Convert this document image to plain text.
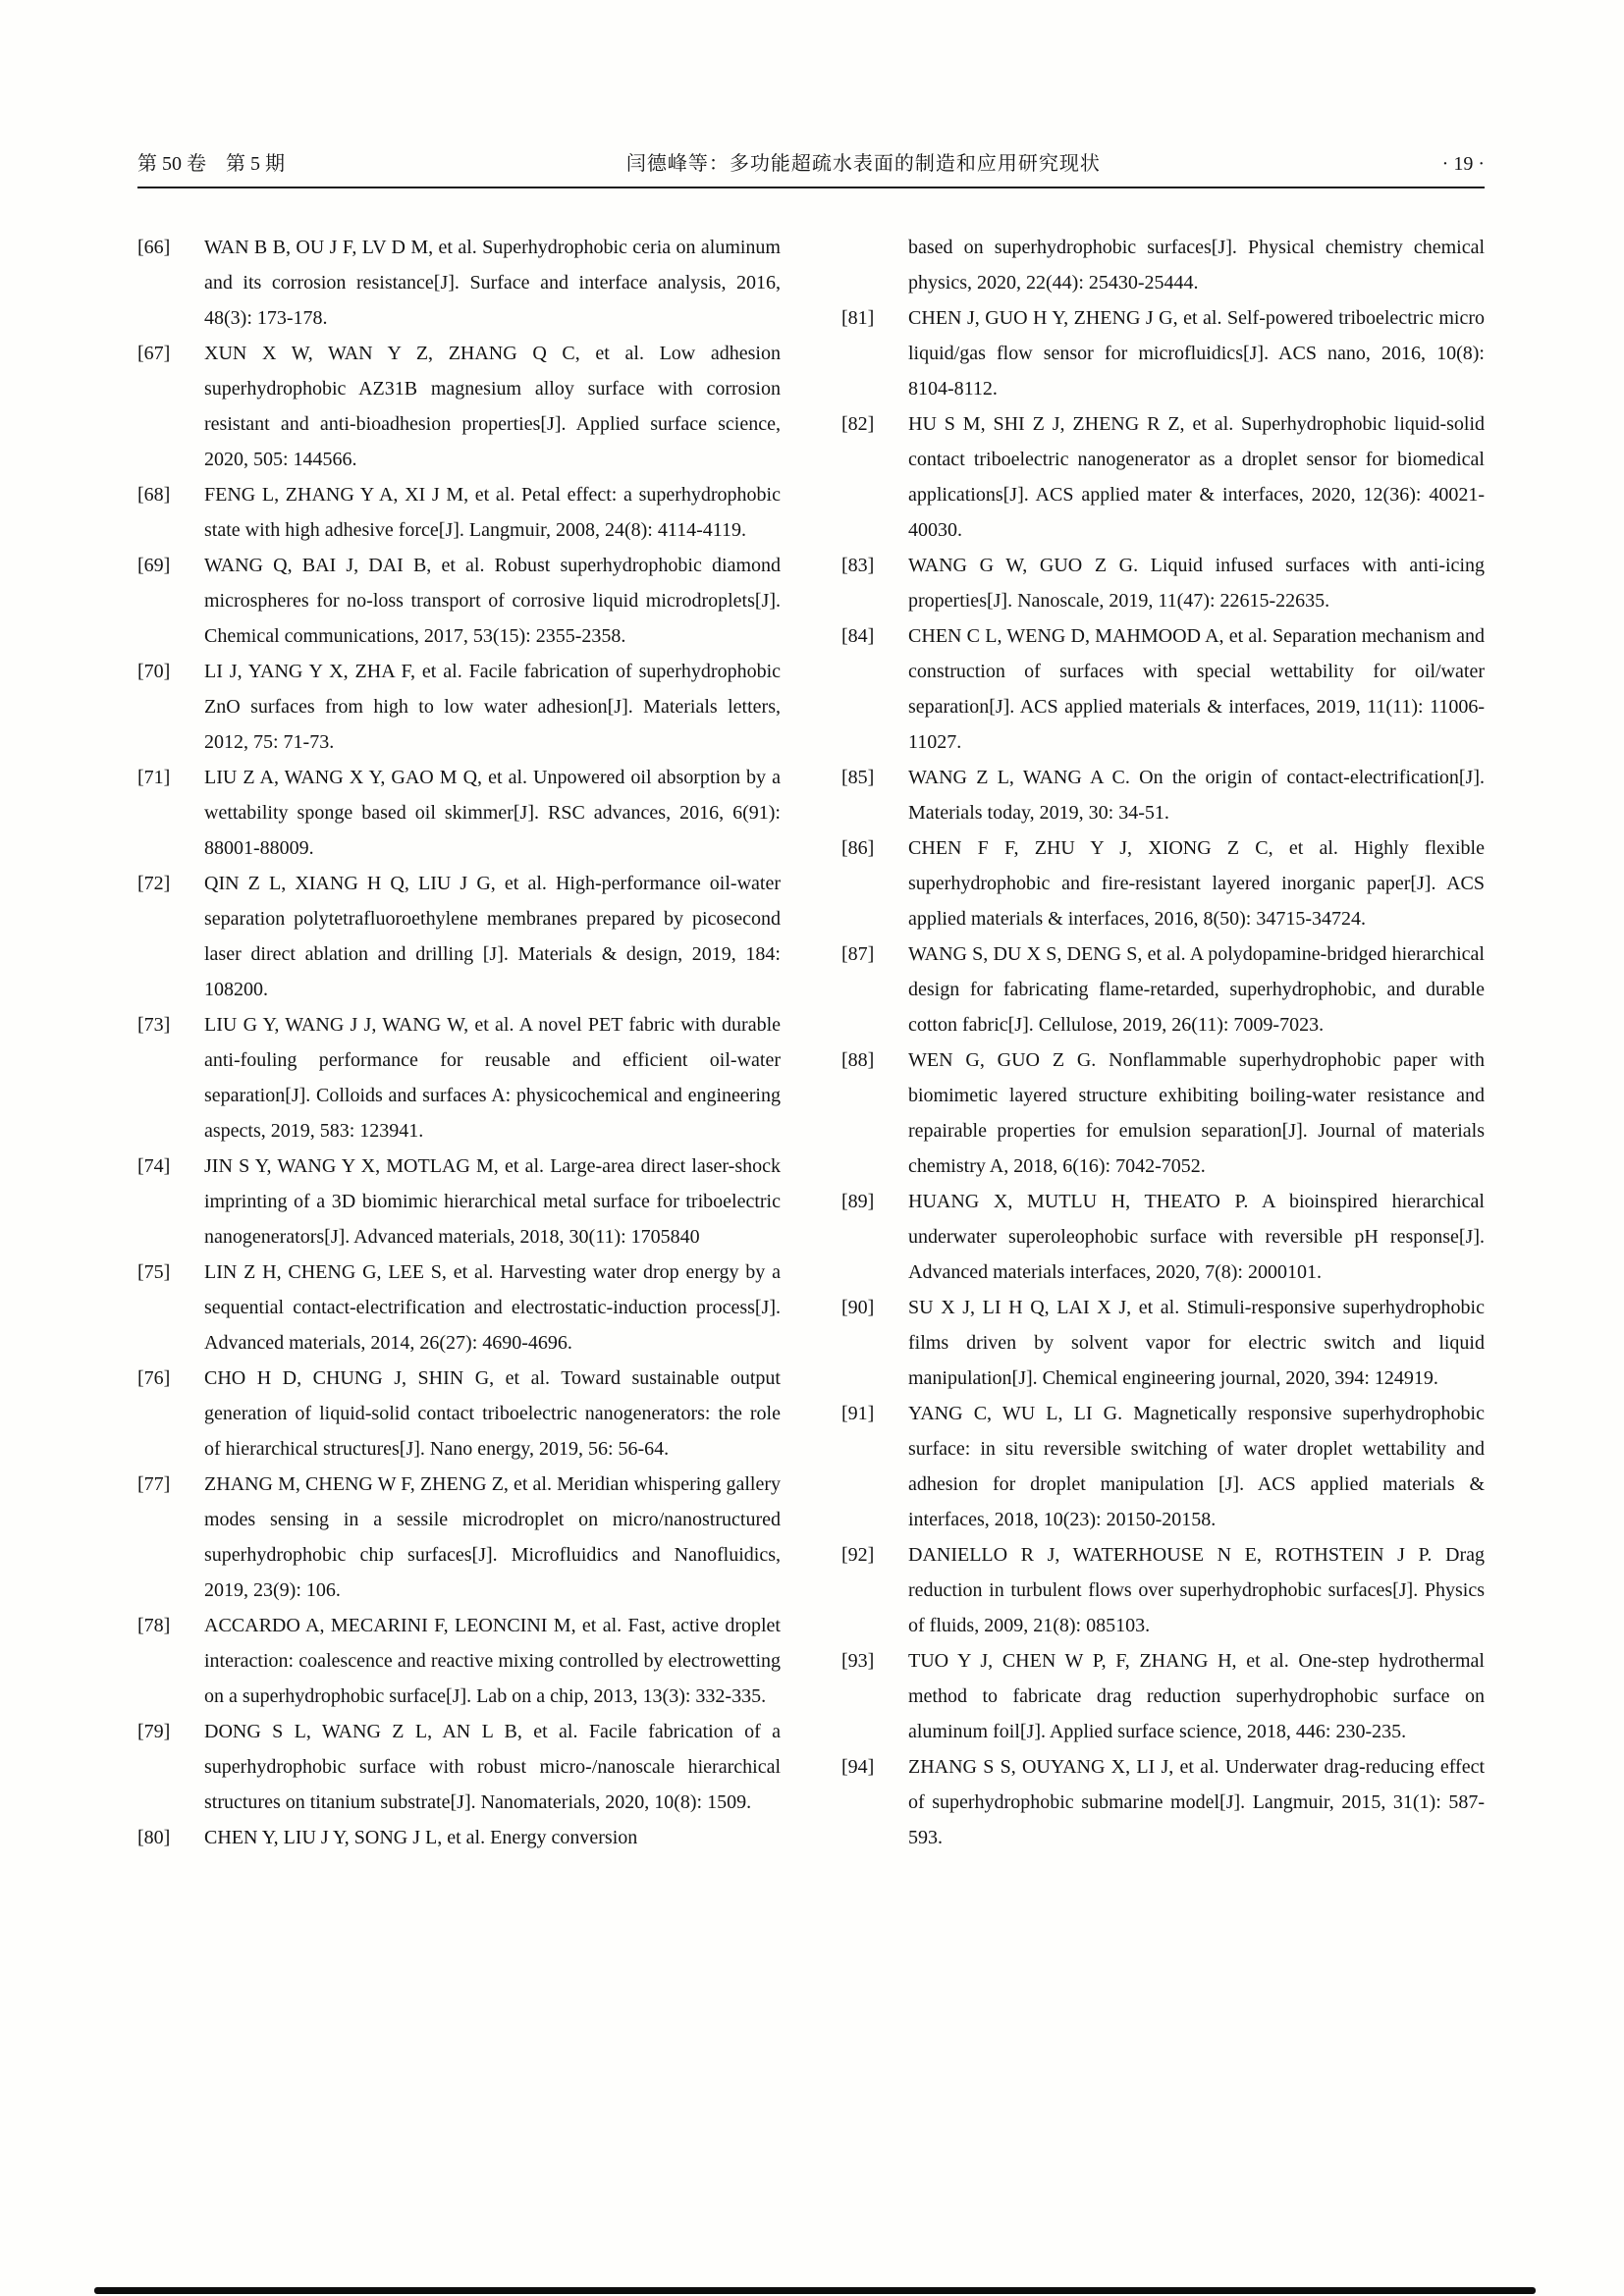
第 50 卷　第 5 期	闫德峰等：多功能超疏水表面的制造和应用研究现状	· 19 ·
[66]	WAN B B, OU J F, LV D M, et al. Superhydrophobic ceria on aluminum and its corrosion resistance[J]. Surface and interface analysis, 2016, 48(3): 173-178.
[67]	XUN X W, WAN Y Z, ZHANG Q C, et al. Low adhesion superhydrophobic AZ31B magnesium alloy surface with corrosion resistant and anti-bioadhesion properties[J]. Applied surface science, 2020, 505: 144566.
[68]	FENG L, ZHANG Y A, XI J M, et al. Petal effect: a superhydrophobic state with high adhesive force[J]. Langmuir, 2008, 24(8): 4114-4119.
[69]	WANG Q, BAI J, DAI B, et al. Robust superhydrophobic diamond microspheres for no-loss transport of corrosive liquid microdroplets[J]. Chemical communications, 2017, 53(15): 2355-2358.
[70]	LI J, YANG Y X, ZHA F, et al. Facile fabrication of superhydrophobic ZnO surfaces from high to low water adhesion[J]. Materials letters, 2012, 75: 71-73.
[71]	LIU Z A, WANG X Y, GAO M Q, et al. Unpowered oil absorption by a wettability sponge based oil skimmer[J]. RSC advances, 2016, 6(91): 88001-88009.
[72]	QIN Z L, XIANG H Q, LIU J G, et al. High-performance oil-water separation polytetrafluoroethylene membranes prepared by picosecond laser direct ablation and drilling [J]. Materials & design, 2019, 184: 108200.
[73]	LIU G Y, WANG J J, WANG W, et al. A novel PET fabric with durable anti-fouling performance for reusable and efficient oil-water separation[J]. Colloids and surfaces A: physicochemical and engineering aspects, 2019, 583: 123941.
[74]	JIN S Y, WANG Y X, MOTLAG M, et al. Large-area direct laser-shock imprinting of a 3D biomimic hierarchical metal surface for triboelectric nanogenerators[J]. Advanced materials, 2018, 30(11): 1705840
[75]	LIN Z H, CHENG G, LEE S, et al. Harvesting water drop energy by a sequential contact-electrification and electrostatic-induction process[J]. Advanced materials, 2014, 26(27): 4690-4696.
[76]	CHO H D, CHUNG J, SHIN G, et al. Toward sustainable output generation of liquid-solid contact triboelectric nanogenerators: the role of hierarchical structures[J]. Nano energy, 2019, 56: 56-64.
[77]	ZHANG M, CHENG W F, ZHENG Z, et al. Meridian whispering gallery modes sensing in a sessile microdroplet on micro/nanostructured superhydrophobic chip surfaces[J]. Microfluidics and Nanofluidics, 2019, 23(9): 106.
[78]	ACCARDO A, MECARINI F, LEONCINI M, et al. Fast, active droplet interaction: coalescence and reactive mixing controlled by electrowetting on a superhydrophobic surface[J]. Lab on a chip, 2013, 13(3): 332-335.
[79]	DONG S L, WANG Z L, AN L B, et al. Facile fabrication of a superhydrophobic surface with robust micro-/nanoscale hierarchical structures on titanium substrate[J]. Nanomaterials, 2020, 10(8): 1509.
[80]	CHEN Y, LIU J Y, SONG J L, et al. Energy conversion
based on superhydrophobic surfaces[J]. Physical chemistry chemical physics, 2020, 22(44): 25430-25444.
[81]	CHEN J, GUO H Y, ZHENG J G, et al. Self-powered triboelectric micro liquid/gas flow sensor for microfluidics[J]. ACS nano, 2016, 10(8): 8104-8112.
[82]	HU S M, SHI Z J, ZHENG R Z, et al. Superhydrophobic liquid-solid contact triboelectric nanogenerator as a droplet sensor for biomedical applications[J]. ACS applied mater & interfaces, 2020, 12(36): 40021-40030.
[83]	WANG G W, GUO Z G. Liquid infused surfaces with anti-icing properties[J]. Nanoscale, 2019, 11(47): 22615-22635.
[84]	CHEN C L, WENG D, MAHMOOD A, et al. Separation mechanism and construction of surfaces with special wettability for oil/water separation[J]. ACS applied materials & interfaces, 2019, 11(11): 11006-11027.
[85]	WANG Z L, WANG A C. On the origin of contact-electrification[J]. Materials today, 2019, 30: 34-51.
[86]	CHEN F F, ZHU Y J, XIONG Z C, et al. Highly flexible superhydrophobic and fire-resistant layered inorganic paper[J]. ACS applied materials & interfaces, 2016, 8(50): 34715-34724.
[87]	WANG S, DU X S, DENG S, et al. A polydopamine-bridged hierarchical design for fabricating flame-retarded, superhydrophobic, and durable cotton fabric[J]. Cellulose, 2019, 26(11): 7009-7023.
[88]	WEN G, GUO Z G. Nonflammable superhydrophobic paper with biomimetic layered structure exhibiting boiling-water resistance and repairable properties for emulsion separation[J]. Journal of materials chemistry A, 2018, 6(16): 7042-7052.
[89]	HUANG X, MUTLU H, THEATO P. A bioinspired hierarchical underwater superoleophobic surface with reversible pH response[J]. Advanced materials interfaces, 2020, 7(8): 2000101.
[90]	SU X J, LI H Q, LAI X J, et al. Stimuli-responsive superhydrophobic films driven by solvent vapor for electric switch and liquid manipulation[J]. Chemical engineering journal, 2020, 394: 124919.
[91]	YANG C, WU L, LI G. Magnetically responsive superhydrophobic surface: in situ reversible switching of water droplet wettability and adhesion for droplet manipulation [J]. ACS applied materials & interfaces, 2018, 10(23): 20150-20158.
[92]	DANIELLO R J, WATERHOUSE N E, ROTHSTEIN J P. Drag reduction in turbulent flows over superhydrophobic surfaces[J]. Physics of fluids, 2009, 21(8): 085103.
[93]	TUO Y J, CHEN W P, F, ZHANG H, et al. One-step hydrothermal method to fabricate drag reduction superhydrophobic surface on aluminum foil[J]. Applied surface science, 2018, 446: 230-235.
[94]	ZHANG S S, OUYANG X, LI J, et al. Underwater drag-reducing effect of superhydrophobic submarine model[J]. Langmuir, 2015, 31(1): 587-593.
